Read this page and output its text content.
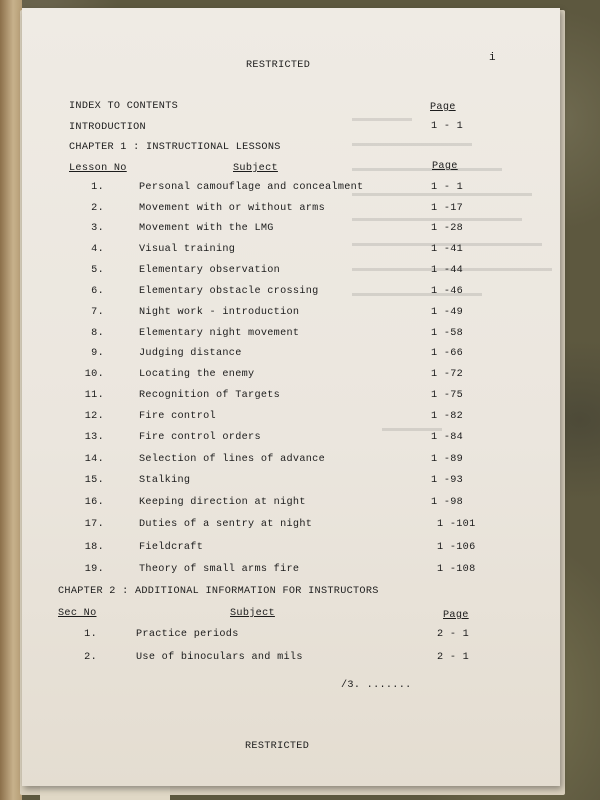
i
RESTRICTED
INDEX TO CONTENTS	Page
INTRODUCTION	1 - 1
CHAPTER 1 : INSTRUCTIONAL LESSONS
Lesson No	Subject	Page
1.	Personal camouflage and concealment	1 - 1
2.	Movement with or without arms	1 -17
3.	Movement with the LMG	1 -28
4.	Visual training	1 -41
5.	Elementary observation	1 -44
6.	Elementary obstacle crossing	1 -46
7.	Night work - introduction	1 -49
8.	Elementary night movement	1 -58
9.	Judging distance	1 -66
10.	Locating the enemy	1 -72
11.	Recognition of Targets	1 -75
12.	Fire control	1 -82
13.	Fire control orders	1 -84
14.	Selection of lines of advance	1 -89
15.	Stalking	1 -93
16.	Keeping direction at night	1 -98
17.	Duties of a sentry at night	1 -101
18.	Fieldcraft	1 -106
19.	Theory of small arms fire	1 -108
CHAPTER 2 : ADDITIONAL INFORMATION FOR INSTRUCTORS
Sec No	Subject	Page
1.	Practice periods	2 - 1
2.	Use of binoculars and mils	2 - 1
/3. .......
RESTRICTED
